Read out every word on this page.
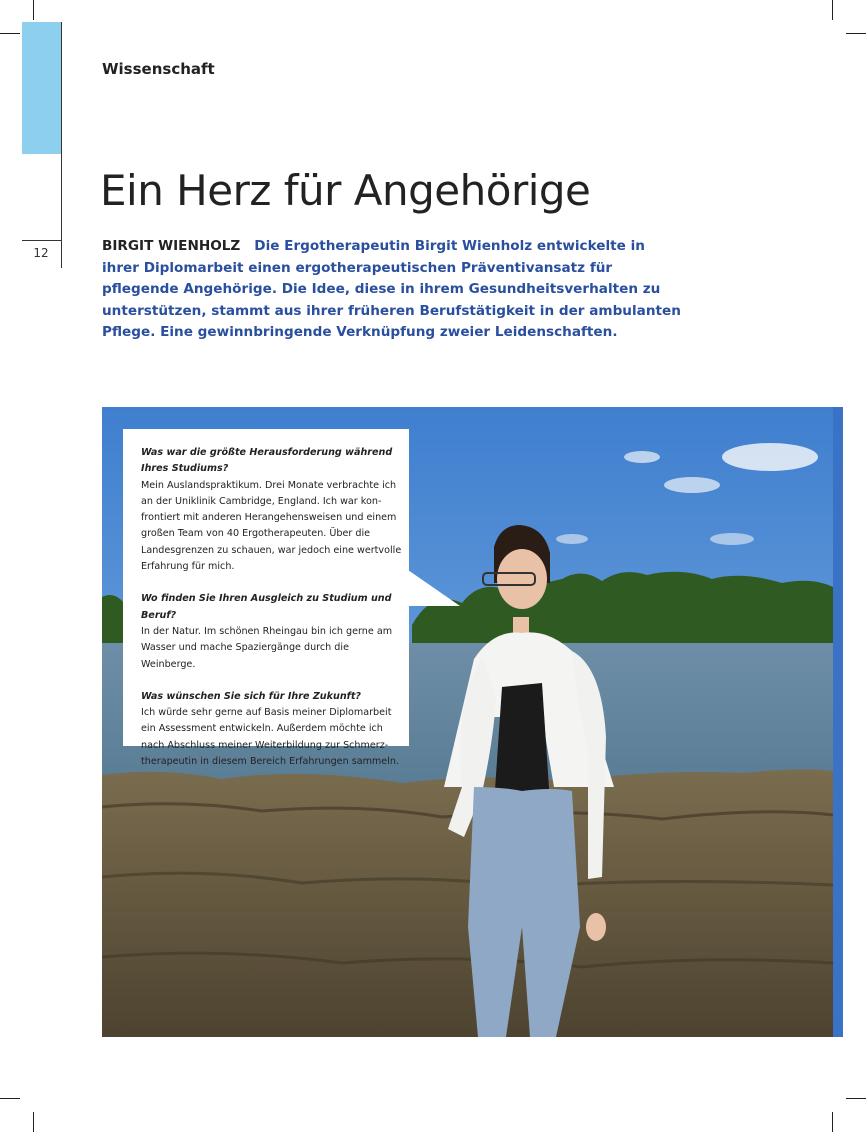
12
Wissenschaft
Ein Herz für Angehörige
BIRGIT WIENHOLZ Die Ergotherapeutin Birgit Wienholz entwickelte in ihrer Diplomarbeit einen ergotherapeutischen Präventivansatz für pflegende Angehörige. Die Idee, diese in ihrem Gesundheitsverhalten zu unterstützen, stammt aus ihrer früheren Berufstätigkeit in der ambulanten Pflege. Eine gewinnbringende Verknüpfung zweier Leidenschaften.

Was war die größte Herausforderung während Ihres Studiums?
Mein Auslandspraktikum. Drei Monate verbrachte ich an der Uniklinik Cambridge, England. Ich war kon- frontiert mit anderen Herangehensweisen und einem großen Team von 40 Ergotherapeuten. Über die Landesgrenzen zu schauen, war jedoch eine wertvolle Erfahrung für mich.

Wo finden Sie Ihren Ausgleich zu Studium und Beruf?
In der Natur. Im schönen Rheingau bin ich gerne am Wasser und mache Spaziergänge durch die Weinberge.

Was wünschen Sie sich für Ihre Zukunft?
Ich würde sehr gerne auf Basis meiner Diplomarbeit ein Assessment entwickeln. Außerdem möchte ich nach Abschluss meiner Weiterbildung zur Schmerz- therapeutin in diesem Bereich Erfahrungen sammeln.
